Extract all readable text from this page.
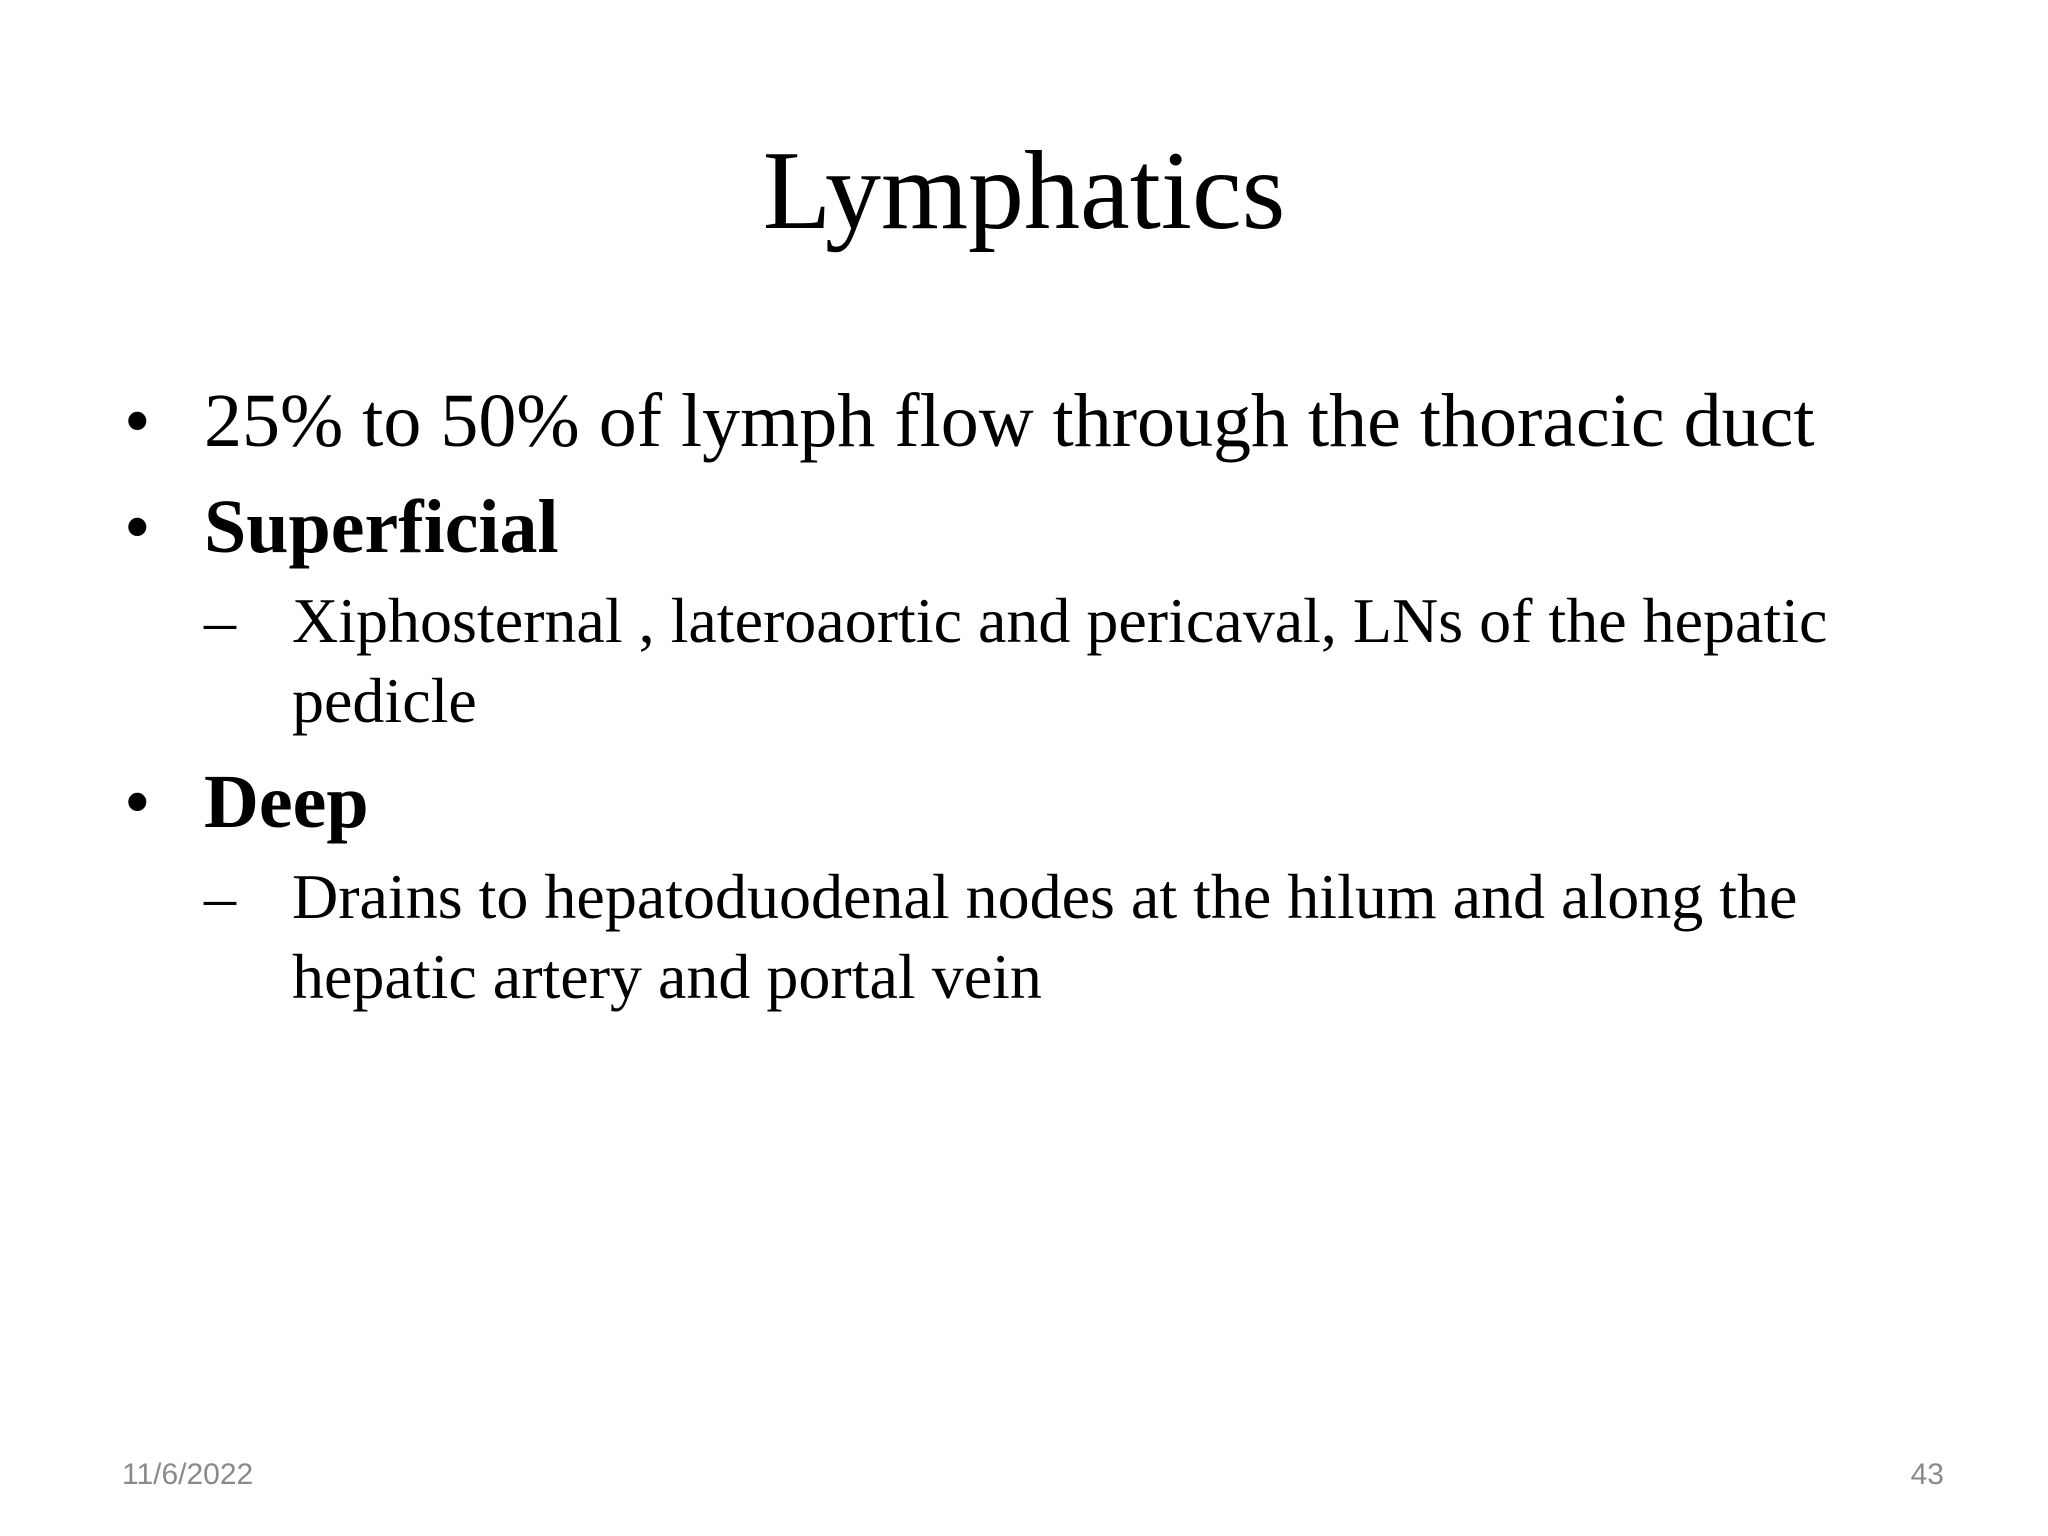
Lymphatics

• 25% to 50% of lymph flow through the thoracic duct

• Superficial

– Xiphosternal , lateroaortic and pericaval, LNs of the hepatic pedicle

• Deep

– Drains to hepatoduodenal nodes at the hilum and along the hepatic artery and portal vein

11/6/2022	43
